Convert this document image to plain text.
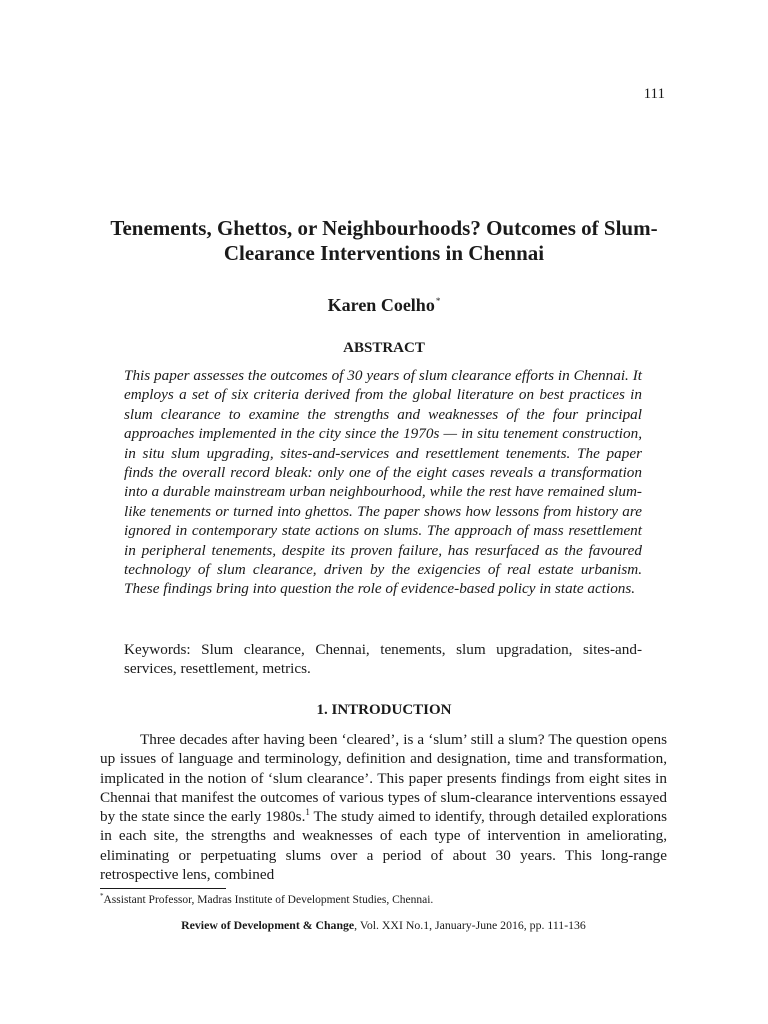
111
Tenements, Ghettos, or Neighbourhoods? Outcomes of Slum-Clearance Interventions in Chennai
Karen Coelho*
ABSTRACT

This paper assesses the outcomes of 30 years of slum clearance efforts in Chennai. It employs a set of six criteria derived from the global literature on best practices in slum clearance to examine the strengths and weaknesses of the four principal approaches implemented in the city since the 1970s — in situ tenement construction, in situ slum upgrading, sites-and-services and resettlement tenements. The paper finds the overall record bleak: only one of the eight cases reveals a transformation into a durable mainstream urban neighbourhood, while the rest have remained slum-like tenements or turned into ghettos. The paper shows how lessons from history are ignored in contemporary state actions on slums. The approach of mass resettlement in peripheral tenements, despite its proven failure, has resurfaced as the favoured technology of slum clearance, driven by the exigencies of real estate urbanism. These findings bring into question the role of evidence-based policy in state actions.

Keywords: Slum clearance, Chennai, tenements, slum upgradation, sites-and-services, resettlement, metrics.

1. INTRODUCTION

Three decades after having been ‘cleared’, is a ‘slum’ still a slum? The question opens up issues of language and terminology, definition and designation, time and transformation, implicated in the notion of ‘slum clearance’. This paper presents findings from eight sites in Chennai that manifest the outcomes of various types of slum-clearance interventions essayed by the state since the early 1980s.$^1$ The study aimed to identify, through detailed explorations in each site, the strengths and weaknesses of each type of intervention in ameliorating, eliminating or perpetuating slums over a period of about 30 years. This long-range retrospective lens, combined

*Assistant Professor, Madras Institute of Development Studies, Chennai.

Review of Development & Change, Vol. XXI No.1, January-June 2016, pp. 111-136
